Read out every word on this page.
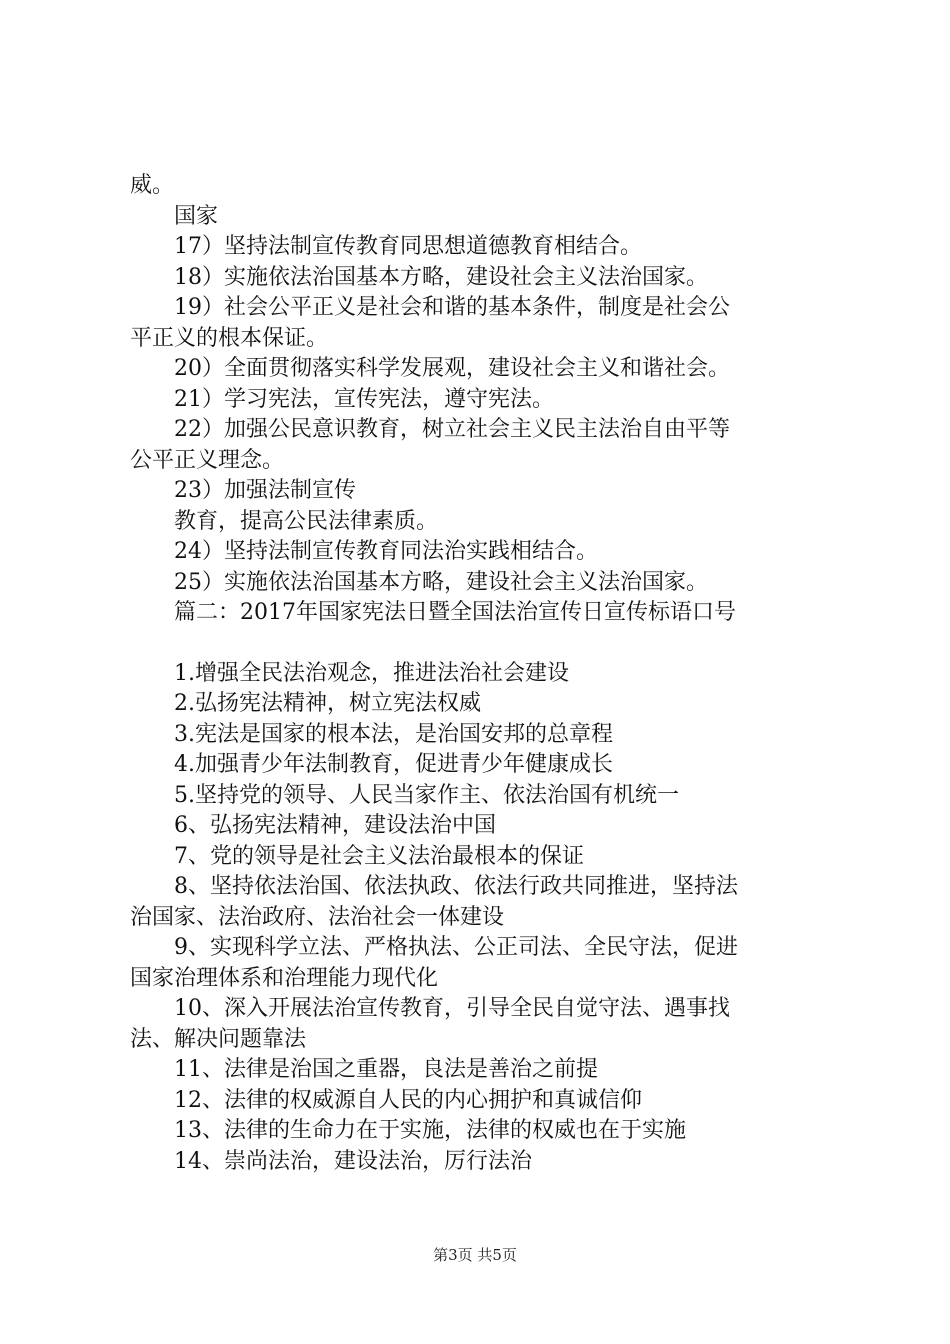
威。
国家
17）坚持法制宣传教育同思想道德教育相结合。
18）实施依法治国基本方略，建设社会主义法治国家。
19）社会公平正义是社会和谐的基本条件，制度是社会公
平正义的根本保证。
20）全面贯彻落实科学发展观，建设社会主义和谐社会。
21）学习宪法，宣传宪法，遵守宪法。
22）加强公民意识教育，树立社会主义民主法治自由平等
公平正义理念。
23）加强法制宣传
教育，提高公民法律素质。
24）坚持法制宣传教育同法治实践相结合。
25）实施依法治国基本方略，建设社会主义法治国家。
篇二：2017年国家宪法日暨全国法治宣传日宣传标语口号
1.增强全民法治观念，推进法治社会建设
2.弘扬宪法精神，树立宪法权威
3.宪法是国家的根本法，是治国安邦的总章程
4.加强青少年法制教育，促进青少年健康成长
5.坚持党的领导、人民当家作主、依法治国有机统一
6、弘扬宪法精神，建设法治中国
7、党的领导是社会主义法治最根本的保证
8、坚持依法治国、依法执政、依法行政共同推进，坚持法
治国家、法治政府、法治社会一体建设
9、实现科学立法、严格执法、公正司法、全民守法，促进
国家治理体系和治理能力现代化
10、深入开展法治宣传教育，引导全民自觉守法、遇事找
法、解决问题靠法
11、法律是治国之重器，良法是善治之前提
12、法律的权威源自人民的内心拥护和真诚信仰
13、法律的生命力在于实施，法律的权威也在于实施
14、崇尚法治，建设法治，厉行法治
第3页 共5页
